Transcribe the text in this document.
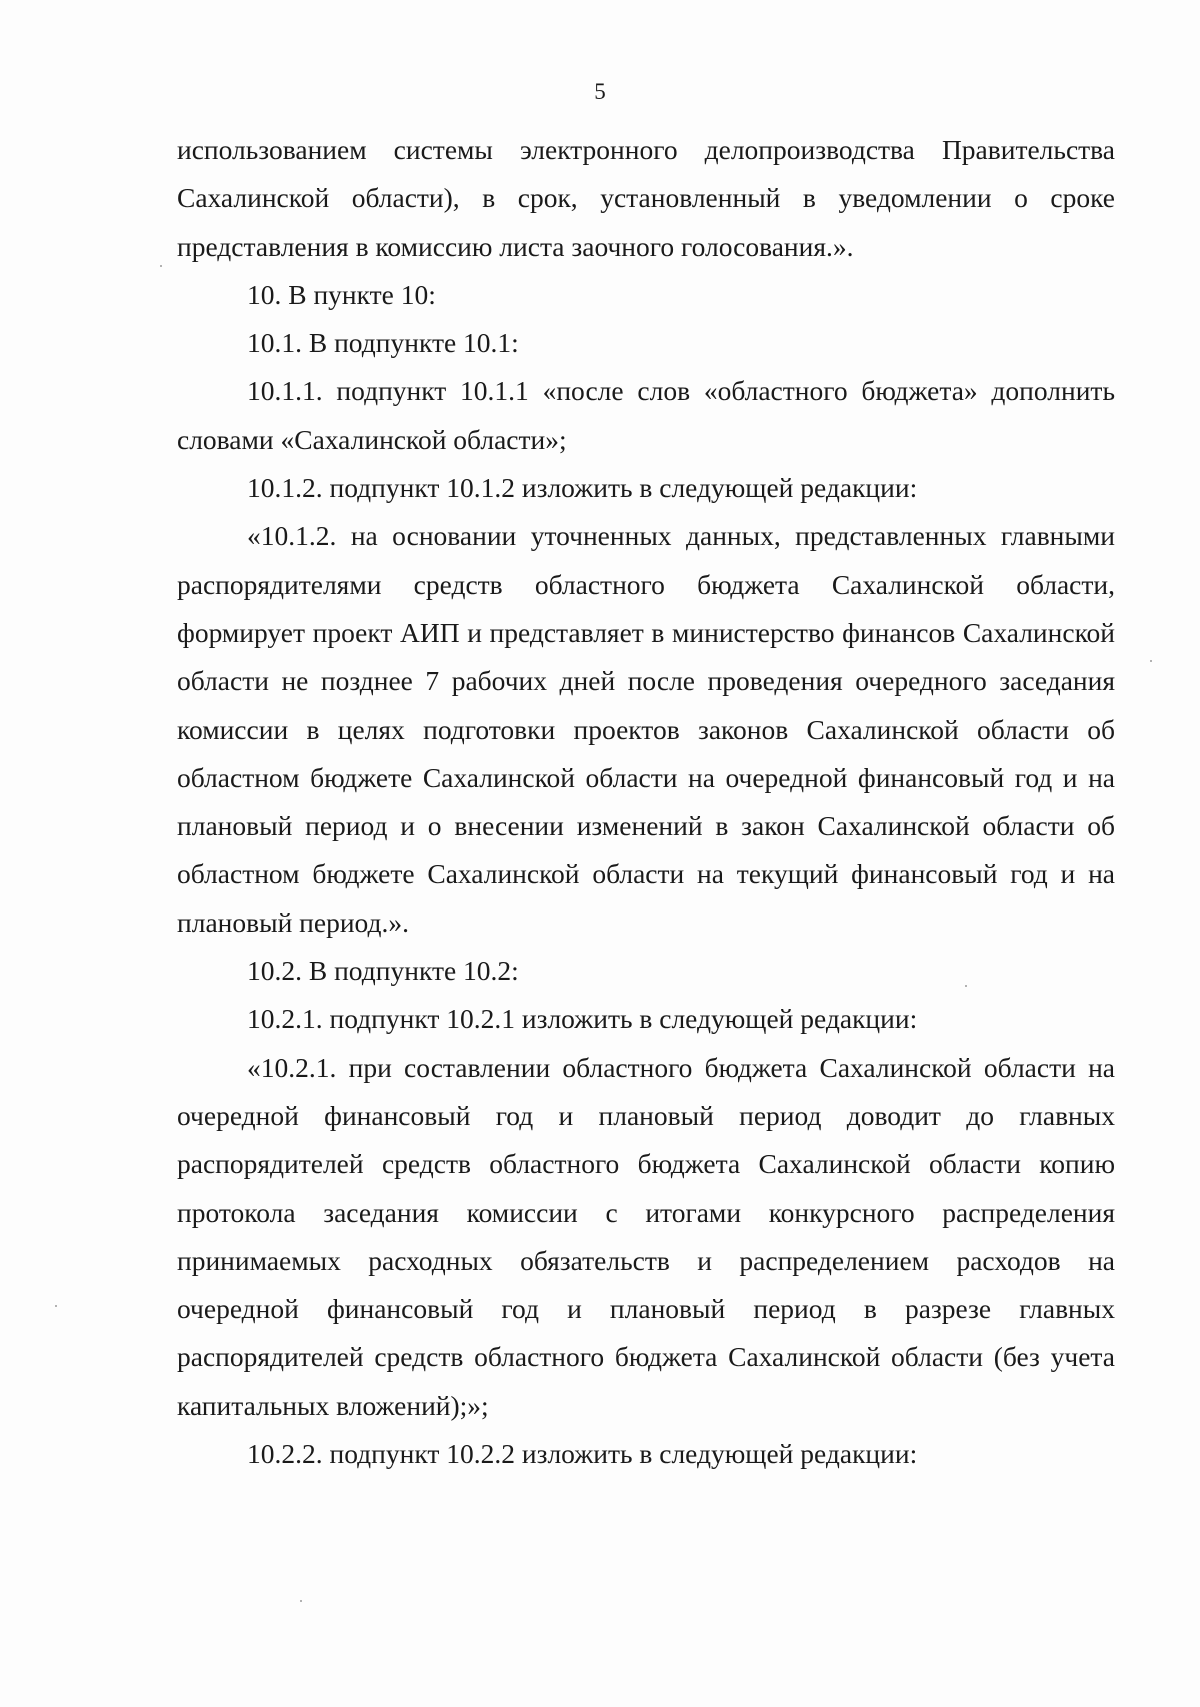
5

использованием системы электронного делопроизводства Правительства Сахалинской области), в срок, установленный в уведомлении о сроке представления в комиссию листа заочного голосования.».

10. В пункте 10:

10.1. В подпункте 10.1:

10.1.1. подпункт 10.1.1 «после слов «областного бюджета» дополнить словами «Сахалинской области»;

10.1.2. подпункт 10.1.2 изложить в следующей редакции:

«10.1.2. на основании уточненных данных, представленных главными распорядителями средств областного бюджета Сахалинской области, формирует проект АИП и представляет в министерство финансов Сахалинской области не позднее 7 рабочих дней после проведения очередного заседания комиссии в целях подготовки проектов законов Сахалинской области об областном бюджете Сахалинской области на очередной финансовый год и на плановый период и о внесении изменений в закон Сахалинской области об областном бюджете Сахалинской области на текущий финансовый год и на плановый период.».

10.2. В подпункте 10.2:

10.2.1. подпункт 10.2.1 изложить в следующей редакции:

«10.2.1. при составлении областного бюджета Сахалинской области на очередной финансовый год и плановый период доводит до главных распорядителей средств областного бюджета Сахалинской области копию протокола заседания комиссии с итогами конкурсного распределения принимаемых расходных обязательств и распределением расходов на очередной финансовый год и плановый период в разрезе главных распорядителей средств областного бюджета Сахалинской области (без учета капитальных вложений);»;

10.2.2. подпункт 10.2.2 изложить в следующей редакции:
